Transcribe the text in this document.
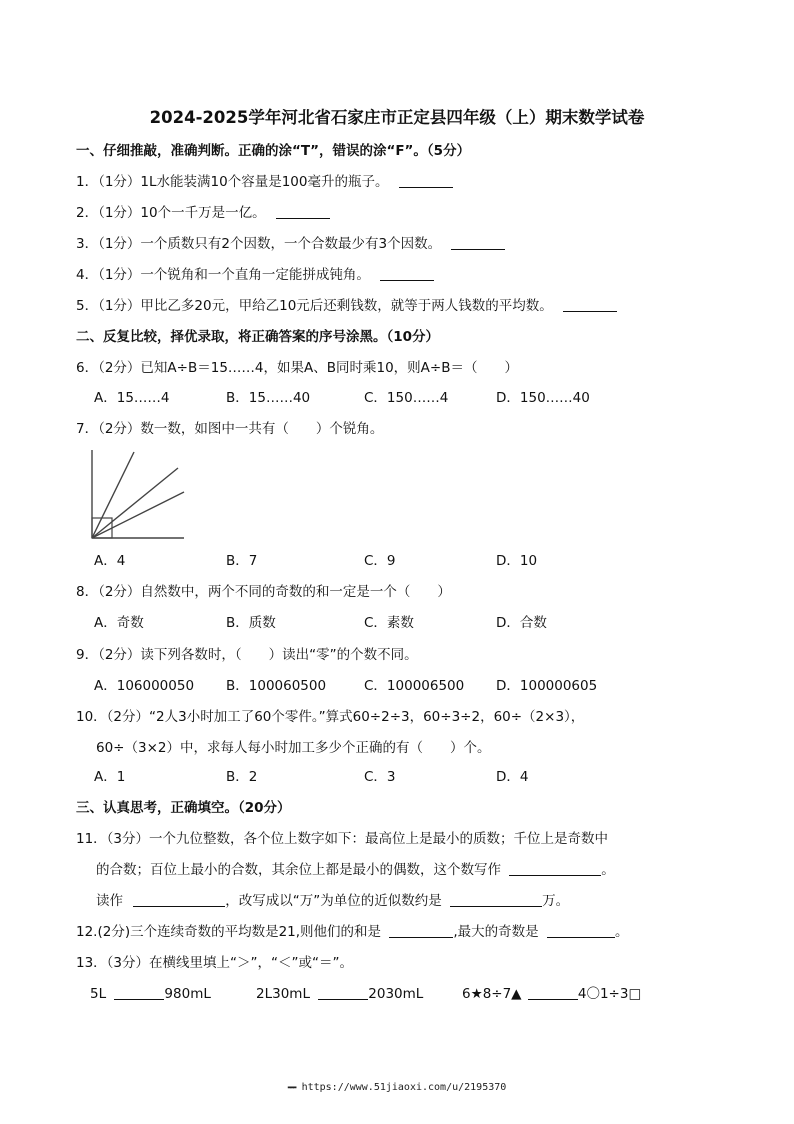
2024-2025学年河北省石家庄市正定县四年级（上）期末数学试卷
一、仔细推敲，准确判断。正确的涂“T”，错误的涂“F”。（5分）
1．（1分）1L水能装满10个容量是100毫升的瓶子。
2．（1分）10个一千万是一亿。
3．（1分）一个质数只有2个因数，一个合数最少有3个因数。
4．（1分）一个锐角和一个直角一定能拼成钝角。
5．（1分）甲比乙多20元，甲给乙10元后还剩钱数，就等于两人钱数的平均数。
二、反复比较，择优录取，将正确答案的序号涂黑。（10分）
6．（2分）已知A÷B＝15……4，如果A、B同时乘10，则A÷B＝（　　）
A．15……4	B．15……40	C．150……4	D．150……40
7．（2分）数一数，如图中一共有（　　）个锐角。
A．4	B．7	C．9	D．10
8．（2分）自然数中，两个不同的奇数的和一定是一个（　　）
A．奇数	B．质数	C．素数	D．合数
9．（2分）读下列各数时，（　　）读出“零”的个数不同。
A．106000050 B．100060500	C．100006500 D．100000605
10．（2分）“2人3小时加工了60个零件。”算式60÷2÷3，60÷3÷2，60÷（2×3），
60÷（3×2）中，求每人每小时加工多少个正确的有（　　）个。
A．1	B．2	C．3	D．4
三、认真思考，正确填空。（20分）
11．（3分）一个九位整数，各个位上数字如下：最高位上是最小的质数；千位上是奇数中
的合数；百位上最小的合数，其余位上都是最小的偶数，这个数写作	。
读作	，改写成以“万”为单位的近似数约是	万。
12.(2分)三个连续奇数的平均数是21,则他们的和是	,最大的奇数是	。
13．（3分）在横线里填上“＞”，“＜”或“＝”。
5L	980mL	2L30mL	2030mL	6★8÷7▲	4〇1÷3□
▬▬▬ https://www.51jiaoxi.com/u/2195370
